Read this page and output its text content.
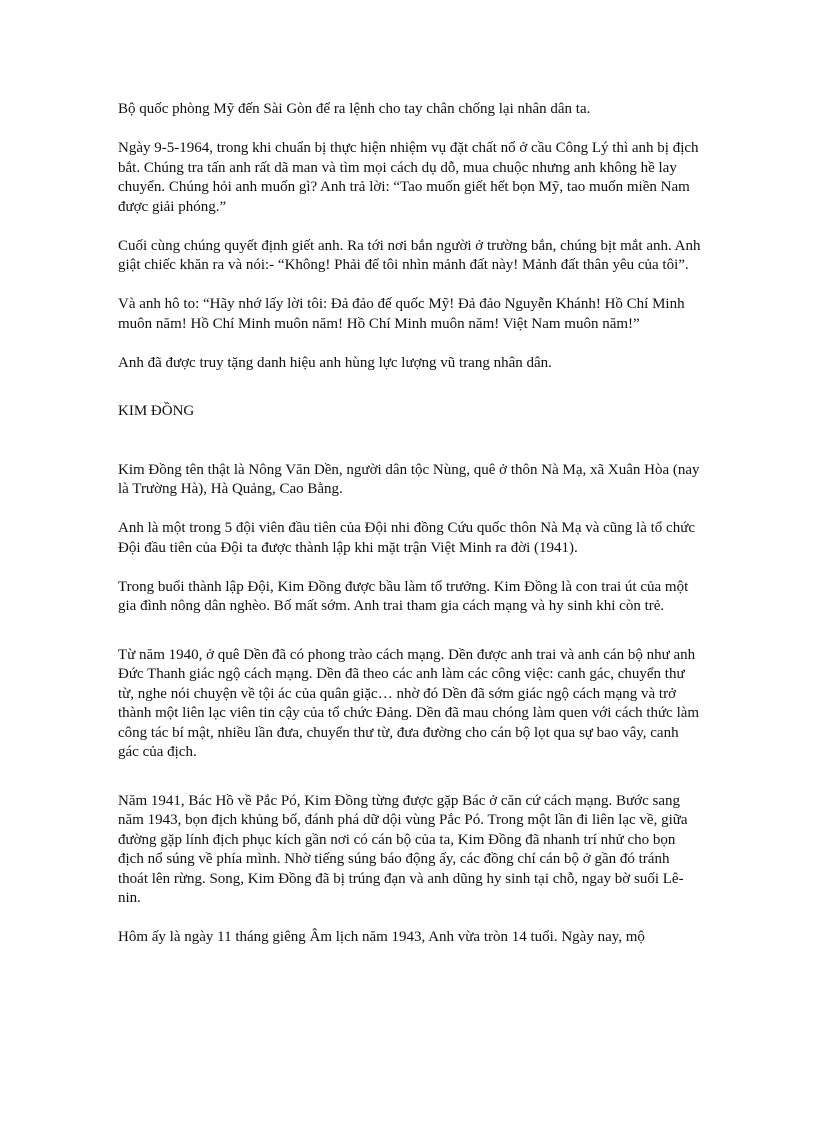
Bộ quốc phòng Mỹ đến Sài Gòn để ra lệnh cho tay chân chống lại nhân dân ta.

Ngày 9-5-1964, trong khi chuẩn bị thực hiện nhiệm vụ đặt chất nổ ở cầu Công Lý thì anh bị địch bắt. Chúng tra tấn anh rất dã man và tìm mọi cách dụ dỗ, mua chuộc nhưng anh không hề lay chuyển. Chúng hỏi anh muốn gì? Anh trả lời: “Tao muốn giết hết bọn Mỹ, tao muốn miền Nam được giải phóng.”

Cuối cùng chúng quyết định giết anh. Ra tới nơi bắn người ở trường bắn, chúng bịt mắt anh. Anh giật chiếc khăn ra và nói:- “Không! Phải để tôi nhìn mảnh đất này! Mảnh đất thân yêu của tôi”.

Và anh hô to: “Hãy nhớ lấy lời tôi: Đả đảo đế quốc Mỹ! Đả đảo Nguyễn Khánh! Hồ Chí Minh muôn năm! Hồ Chí Minh muôn năm! Hồ Chí Minh muôn năm! Việt Nam muôn năm!”

Anh đã được truy tặng danh hiệu anh hùng lực lượng vũ trang nhân dân.

KIM ĐỒNG

Kim Đồng tên thật là Nông Văn Dền, người dân tộc Nùng, quê ở thôn Nà Mạ, xã Xuân Hòa (nay là Trường Hà), Hà Quảng, Cao Bằng.

Anh là một trong 5 đội viên đầu tiên của Đội nhi đồng Cứu quốc thôn Nà Mạ và cũng là tổ chức Đội đầu tiên của Đội ta được thành lập khi mặt trận Việt Minh ra đời (1941).

Trong buổi thành lập Đội, Kim Đồng được bầu làm tổ trưởng. Kim Đồng là con trai út của một gia đình nông dân nghèo. Bố mất sớm. Anh trai tham gia cách mạng và hy sinh khi còn trẻ.

Từ năm 1940, ở quê Dền đã có phong trào cách mạng. Dền được anh trai và anh cán bộ như anh Đức Thanh giác ngộ cách mạng. Dền đã theo các anh làm các công việc: canh gác, chuyển thư từ, nghe nói chuyện về tội ác của quân giặc… nhờ đó Dền đã sớm giác ngộ cách mạng và trở thành một liên lạc viên tin cậy của tổ chức Đảng. Dền đã mau chóng làm quen với cách thức làm công tác bí mật, nhiều lần đưa, chuyển thư từ, đưa đường cho cán bộ lọt qua sự bao vây, canh gác của địch.

Năm 1941, Bác Hồ về Pắc Pó, Kim Đồng từng được gặp Bác ở căn cứ cách mạng. Bước sang năm 1943, bọn địch khủng bố, đánh phá dữ dội vùng Pắc Pó. Trong một lần đi liên lạc về, giữa đường gặp lính địch phục kích gần nơi có cán bộ của ta, Kim Đồng đã nhanh trí nhử cho bọn địch nổ súng về phía mình. Nhờ tiếng súng báo động ấy, các đồng chí cán bộ ở gần đó tránh thoát lên rừng. Song, Kim Đồng đã bị trúng đạn và anh dũng hy sinh tại chỗ, ngay bờ suối Lê-nin.

Hôm ấy là ngày 11 tháng giêng Âm lịch năm 1943, Anh vừa tròn 14 tuổi. Ngày nay, mộ
